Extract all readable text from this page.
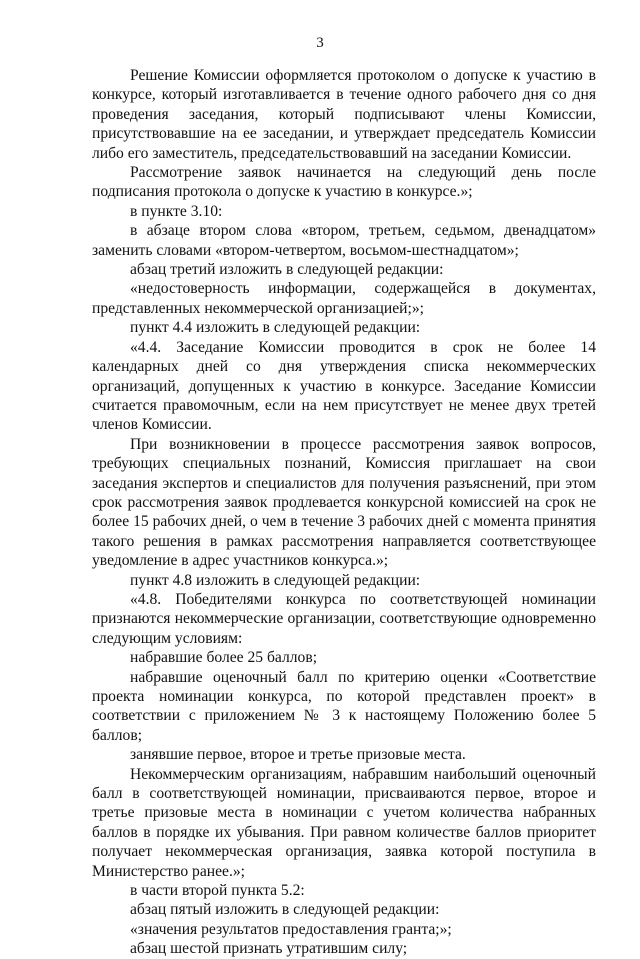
3

Решение Комиссии оформляется протоколом о допуске к участию в конкурсе, который изготавливается в течение одного рабочего дня со дня проведения заседания, который подписывают члены Комиссии, присутствовавшие на ее заседании, и утверждает председатель Комиссии либо его заместитель, председательствовавший на заседании Комиссии.

Рассмотрение заявок начинается на следующий день после подписания протокола о допуске к участию в конкурсе.»;

в пункте 3.10:

в абзаце втором слова «втором, третьем, седьмом, двенадцатом» заменить словами «втором-четвертом, восьмом-шестнадцатом»;

абзац третий изложить в следующей редакции:

«недостоверность информации, содержащейся в документах, представленных некоммерческой организацией;»;

пункт 4.4 изложить в следующей редакции:

«4.4. Заседание Комиссии проводится в срок не более 14 календарных дней со дня утверждения списка некоммерческих организаций, допущенных к участию в конкурсе. Заседание Комиссии считается правомочным, если на нем присутствует не менее двух третей членов Комиссии.

При возникновении в процессе рассмотрения заявок вопросов, требующих специальных познаний, Комиссия приглашает на свои заседания экспертов и специалистов для получения разъяснений, при этом срок рассмотрения заявок продлевается конкурсной комиссией на срок не более 15 рабочих дней, о чем в течение 3 рабочих дней с момента принятия такого решения в рамках рассмотрения направляется соответствующее уведомление в адрес участников конкурса.»;

пункт 4.8 изложить в следующей редакции:

«4.8. Победителями конкурса по соответствующей номинации признаются некоммерческие организации, соответствующие одновременно следующим условиям:

набравшие более 25 баллов;

набравшие оценочный балл по критерию оценки «Соответствие проекта номинации конкурса, по которой представлен проект» в соответствии с приложением № 3 к настоящему Положению более 5 баллов;

занявшие первое, второе и третье призовые места.

Некоммерческим организациям, набравшим наибольший оценочный балл в соответствующей номинации, присваиваются первое, второе и третье призовые места в номинации с учетом количества набранных баллов в порядке их убывания. При равном количестве баллов приоритет получает некоммерческая организация, заявка которой поступила в Министерство ранее.»;

в части второй пункта 5.2:

абзац пятый изложить в следующей редакции:

«значения результатов предоставления гранта;»;

абзац шестой признать утратившим силу;
